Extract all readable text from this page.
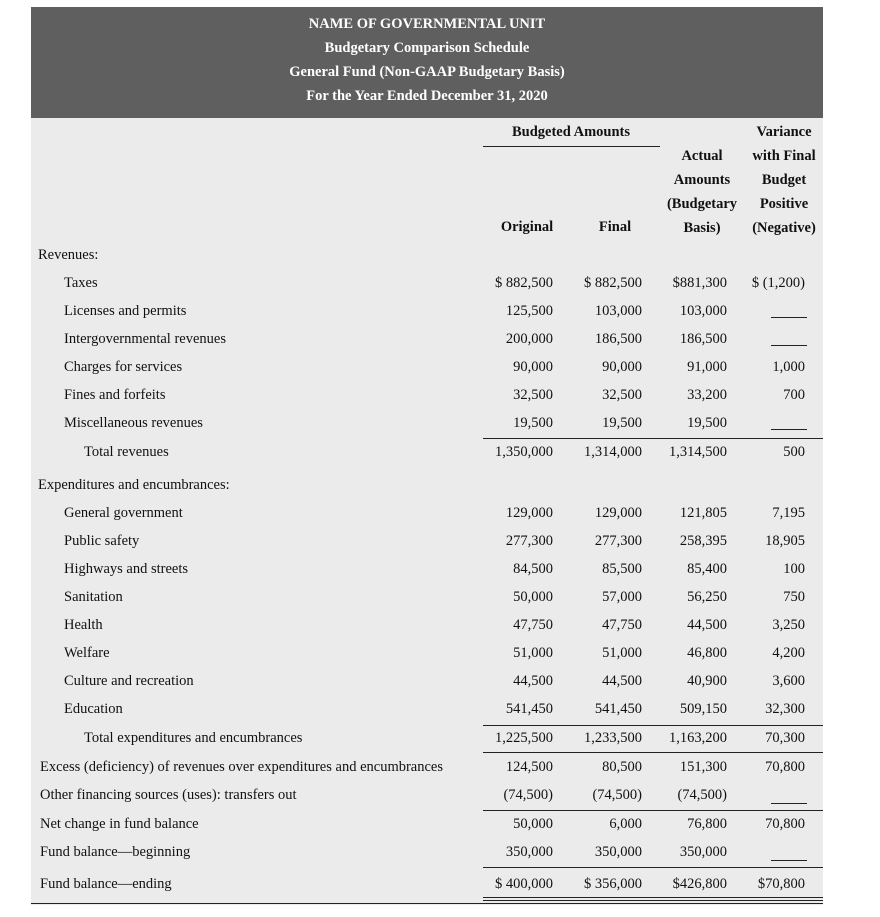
NAME OF GOVERNMENTAL UNIT
Budgetary Comparison Schedule
General Fund (Non-GAAP Budgetary Basis)
For the Year Ended December 31, 2020
Budgeted Amounts
Original	Final
Actual
Amounts
(Budgetary
Basis)
Variance
with Final
Budget
Positive
(Negative)
Revenues:
Taxes	$ 882,500 $ 882,500 $881,300 $ (1,200)
Licenses and permits	125,500	103,000	103,000
Intergovernmental revenues	200,000	186,500	186,500
Charges for services	90,000	90,000	91,000	1,000
Fines and forfeits	32,500	32,500	33,200	700
Miscellaneous revenues	19,500	19,500	19,500
Total revenues	1,350,000 1,314,000 1,314,500	500
Expenditures and encumbrances:
General government	129,000	129,000	121,805	7,195
Public safety	277,300	277,300	258,395	18,905
Highways and streets	84,500	85,500	85,400	100
Sanitation	50,000	57,000	56,250	750
Health	47,750	47,750	44,500	3,250
Welfare	51,000	51,000	46,800	4,200
Culture and recreation	44,500	44,500	40,900	3,600
Education	541,450	541,450	509,150	32,300
Total expenditures and encumbrances	1,225,500 1,233,500 1,163,200	70,300
Excess (deficiency) of revenues over expenditures and encumbrances	124,500	80,500	151,300	70,800
Other financing sources (uses): transfers out	(74,500)	(74,500) (74,500)
Net change in fund balance	50,000	6,000	76,800	70,800
Fund balance—beginning	350,000	350,000	350,000
Fund balance—ending	$ 400,000 $ 356,000 $426,800 $70,800
